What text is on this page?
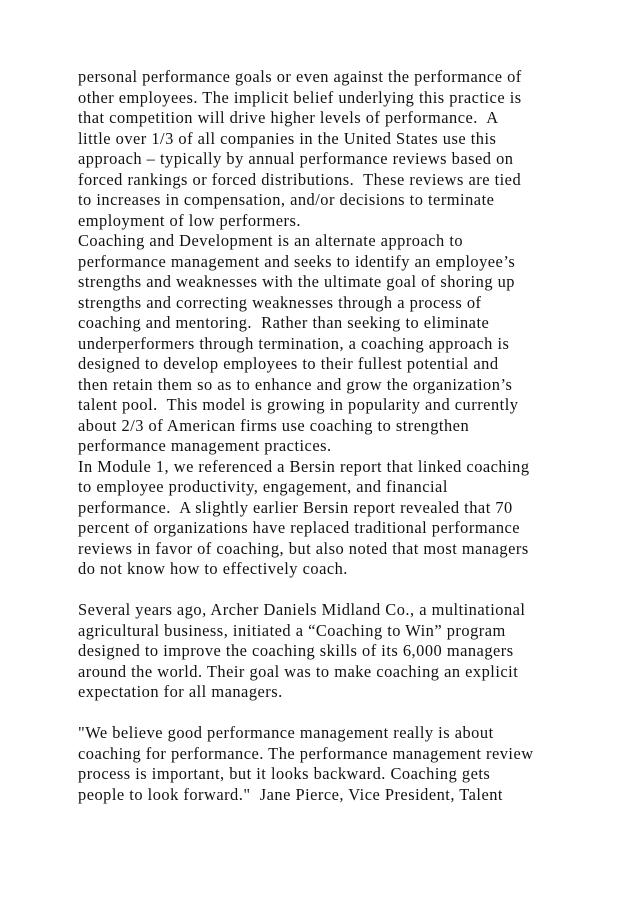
personal performance goals or even against the performance of
other employees. The implicit belief underlying this practice is
that competition will drive higher levels of performance.  A
little over 1/3 of all companies in the United States use this
approach – typically by annual performance reviews based on
forced rankings or forced distributions.  These reviews are tied
to increases in compensation, and/or decisions to terminate
employment of low performers.
Coaching and Development is an alternate approach to
performance management and seeks to identify an employee’s
strengths and weaknesses with the ultimate goal of shoring up
strengths and correcting weaknesses through a process of
coaching and mentoring.  Rather than seeking to eliminate
underperformers through termination, a coaching approach is
designed to develop employees to their fullest potential and
then retain them so as to enhance and grow the organization’s
talent pool.  This model is growing in popularity and currently
about 2/3 of American firms use coaching to strengthen
performance management practices.
In Module 1, we referenced a Bersin report that linked coaching
to employee productivity, engagement, and financial
performance.  A slightly earlier Bersin report revealed that 70
percent of organizations have replaced traditional performance
reviews in favor of coaching, but also noted that most managers
do not know how to effectively coach.
Several years ago, Archer Daniels Midland Co., a multinational
agricultural business, initiated a “Coaching to Win” program
designed to improve the coaching skills of its 6,000 managers
around the world. Their goal was to make coaching an explicit
expectation for all managers.
"We believe good performance management really is about
coaching for performance. The performance management review
process is important, but it looks backward. Coaching gets
people to look forward."  Jane Pierce, Vice President, Talent
